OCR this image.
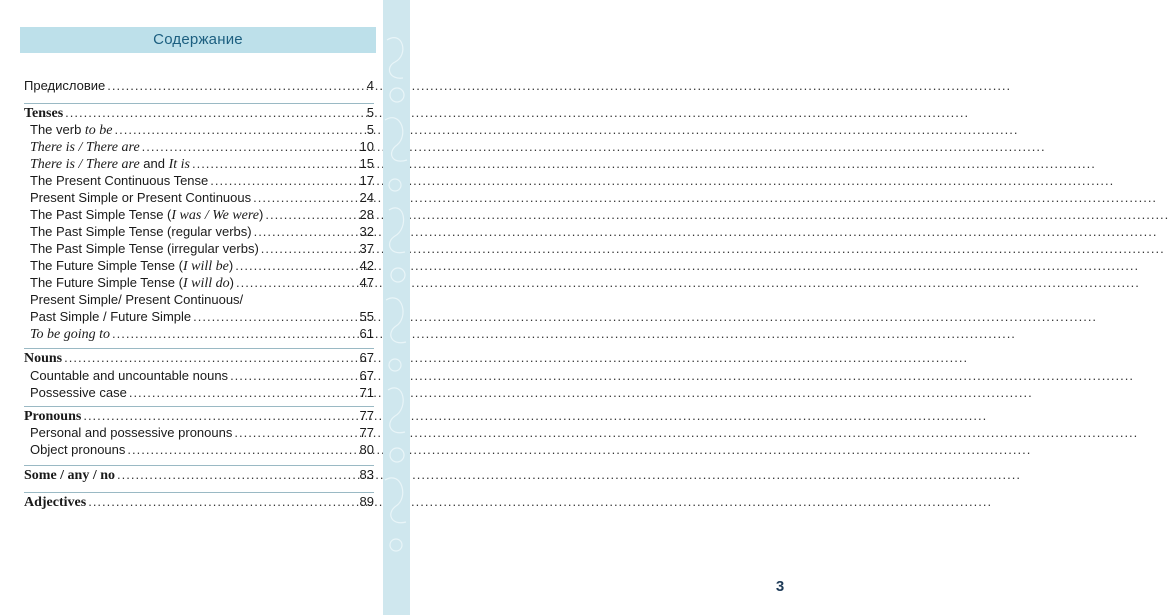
Содержание
Предисловие .....	4
Tenses .....	5
The verb to be .....	5
There is / There are .....	10
There is / There are and It is .....	15
The Present Continuous Tense .....	17
Present Simple or Present Continuous .....	24
The Past Simple Tense (I was / We were) .....	28
The Past Simple Tense (regular verbs) .....	32
The Past Simple Tense (irregular verbs) .....	37
The Future Simple Tense (I will be) .....	42
The Future Simple Tense (I will do) .....	47
Present Simple/ Present Continuous/
Past Simple / Future Simple .....	55
To be going to .....	61
Nouns .....	67
Countable and uncountable nouns .....	67
Possessive case .....	71
Pronouns .....	77
Personal and possessive pronouns .....	77
Object pronouns .....	80
Some / any / no .....	83
Adjectives .....	89
3
